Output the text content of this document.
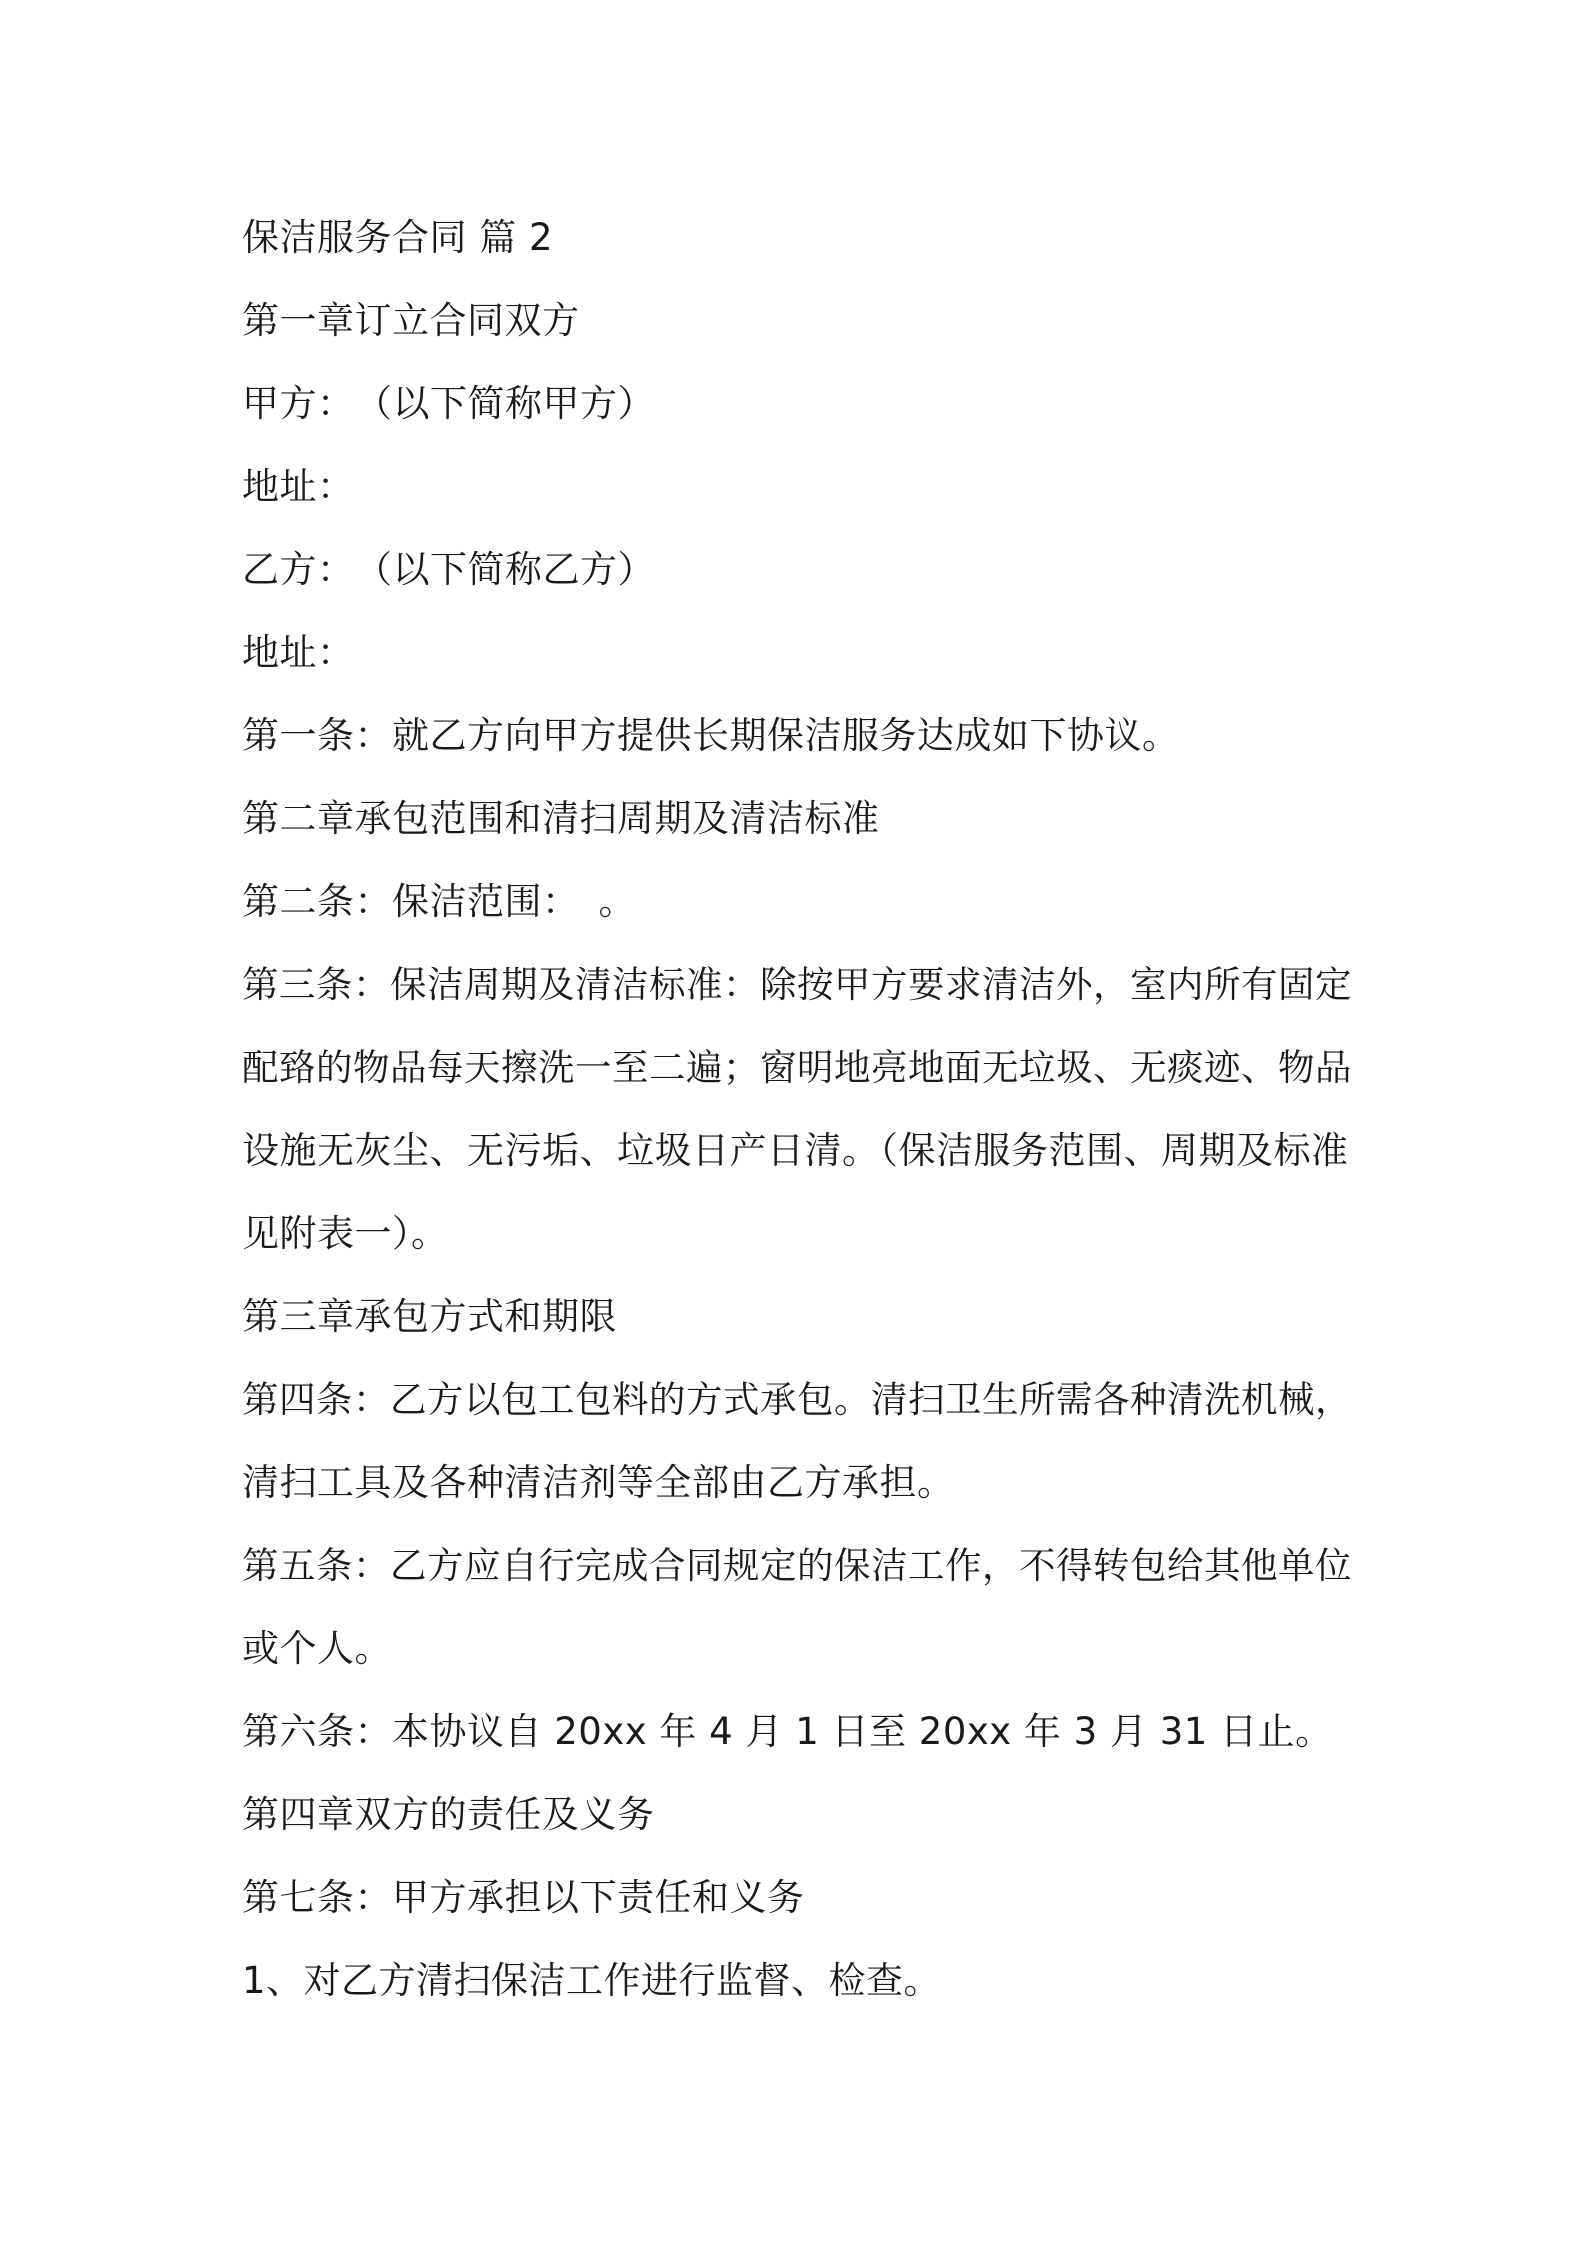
保洁服务合同 篇 2
第一章订立合同双方
甲方：　（以下简称甲方）
地址：
乙方：　（以下简称乙方）
地址：
第一条：就乙方向甲方提供长期保洁服务达成如下协议。
第二章承包范围和清扫周期及清洁标准
第二条：保洁范围：　。
第三条：保洁周期及清洁标准：除按甲方要求清洁外，室内所有固定
配臵的物品每天擦洗一至二遍；窗明地亮地面无垃圾、无痰迹、物品
设施无灰尘、无污垢、垃圾日产日清。（保洁服务范围、周期及标准
见附表一）。
第三章承包方式和期限
第四条：乙方以包工包料的方式承包。清扫卫生所需各种清洗机械，
清扫工具及各种清洁剂等全部由乙方承担。
第五条：乙方应自行完成合同规定的保洁工作，不得转包给其他单位
或个人。
第六条：本协议自 20xx 年 4 月 1 日至 20xx 年 3 月 31 日止。
第四章双方的责任及义务
第七条：甲方承担以下责任和义务
1、对乙方清扫保洁工作进行监督、检查。
